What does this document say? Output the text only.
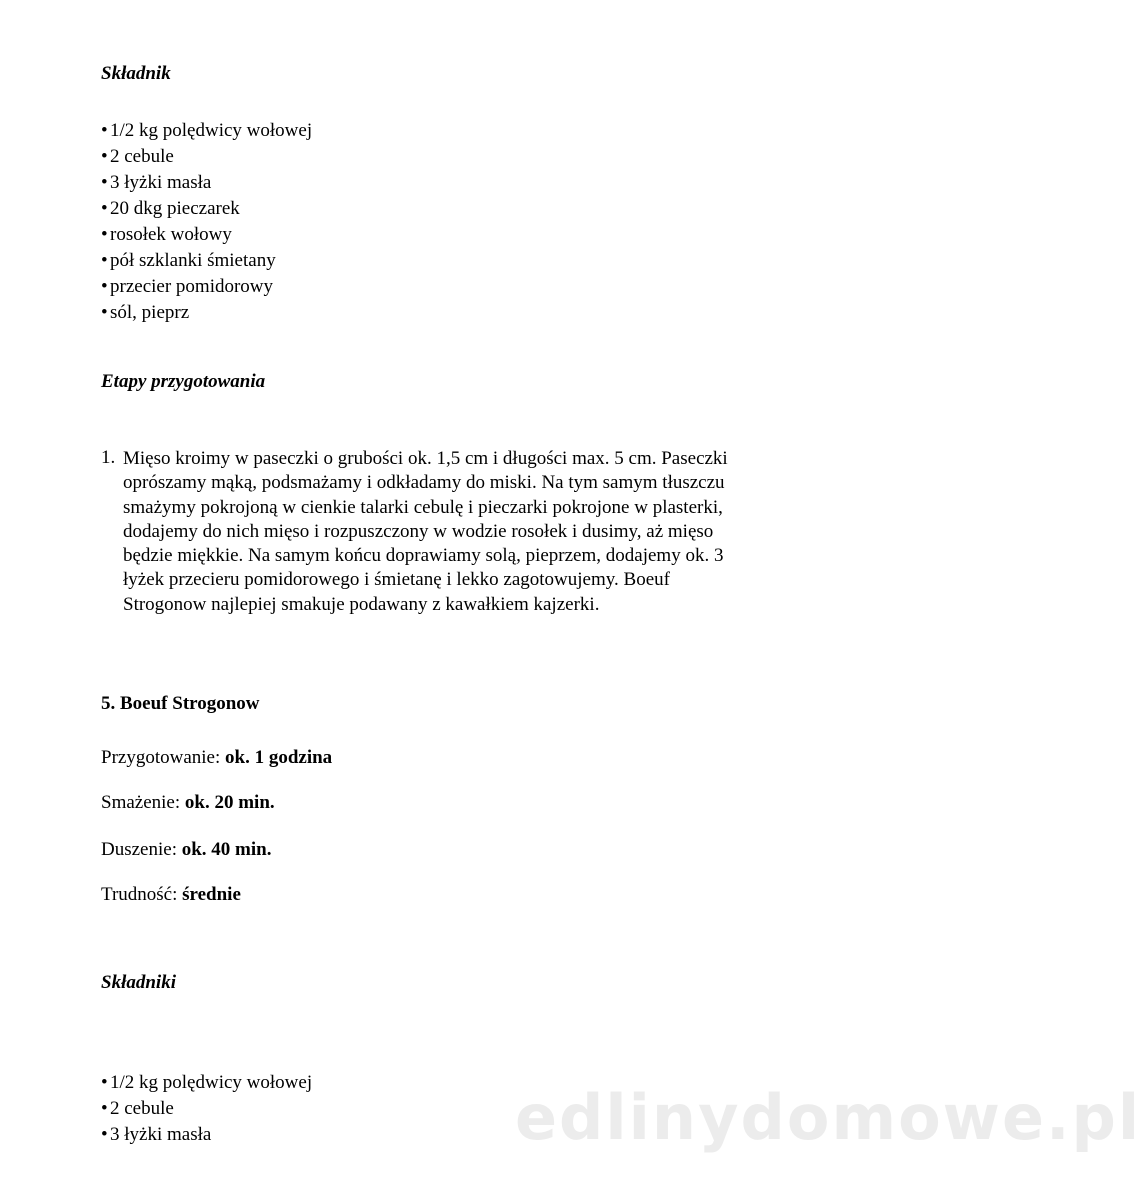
edlinydomowe.pl
Składnik
• 1/2 kg polędwicy wołowej
• 2 cebule
• 3 łyżki masła
• 20 dkg pieczarek
• rosołek wołowy
• pół szklanki śmietany
• przecier pomidorowy
• sól, pieprz
Etapy przygotowania
1. Mięso kroimy w paseczki o grubości ok. 1,5 cm i długości max. 5 cm. Paseczki oprószamy mąką, podsmażamy i odkładamy do miski. Na tym samym tłuszczu smażymy pokrojoną w cienkie talarki cebulę i pieczarki pokrojone w plasterki, dodajemy do nich mięso i rozpuszczony w wodzie rosołek i dusimy, aż mięso będzie miękkie. Na samym końcu doprawiamy solą, pieprzem, dodajemy ok. 3 łyżek przecieru pomidorowego i śmietanę i lekko zagotowujemy. Boeuf Strogonow najlepiej smakuje podawany z kawałkiem kajzerki.
5. Boeuf Strogonow

Przygotowanie: ok. 1 godzina

Smażenie: ok. 20 min.

Duszenie: ok. 40 min.

Trudność: średnie

Składniki
• 1/2 kg polędwicy wołowej
• 2 cebule
• 3 łyżki masła
